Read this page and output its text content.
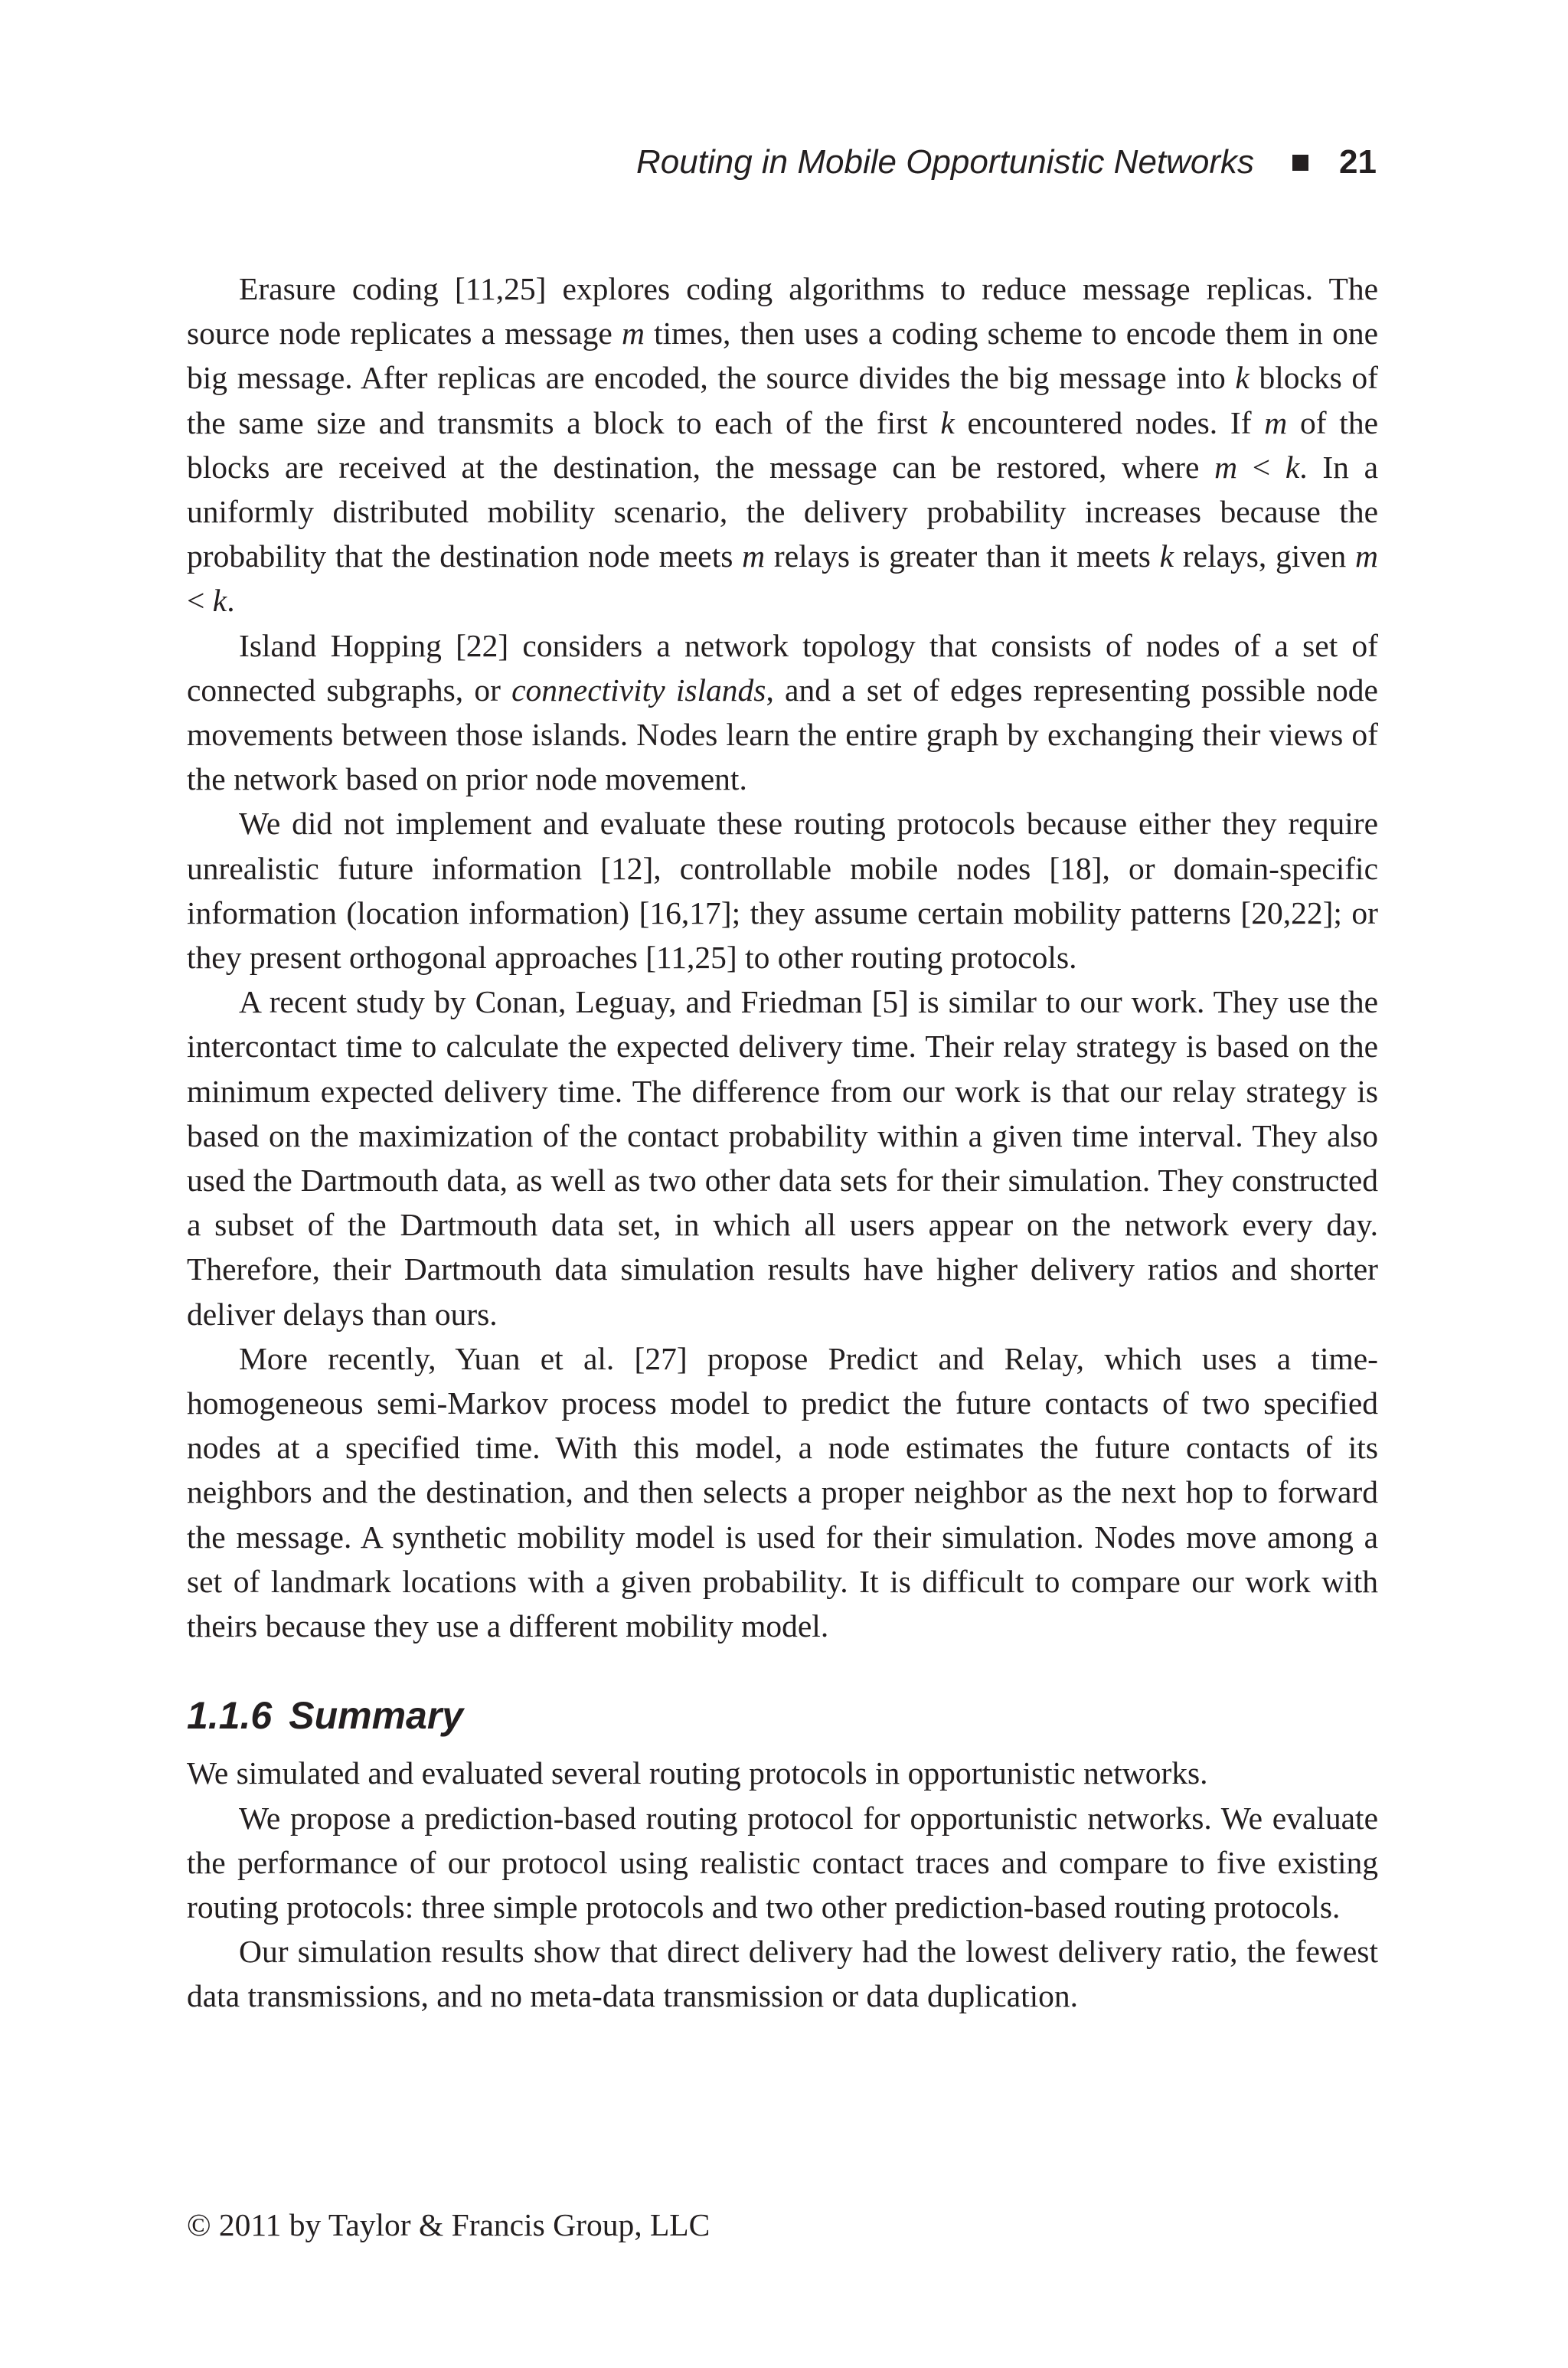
Routing in Mobile Opportunistic Networks	21

Erasure coding [11,25] explores coding algorithms to reduce message replicas. The source node replicates a message m times, then uses a coding scheme to encode them in one big message. After replicas are encoded, the source divides the big message into k blocks of the same size and transmits a block to each of the first k encountered nodes. If m of the blocks are received at the destination, the message can be restored, where m < k. In a uniformly distributed mobility scenario, the delivery probability increases because the probability that the destination node meets m relays is greater than it meets k relays, given m < k.

Island Hopping [22] considers a network topology that consists of nodes of a set of connected subgraphs, or connectivity islands, and a set of edges representing possible node movements between those islands. Nodes learn the entire graph by exchanging their views of the network based on prior node movement.

We did not implement and evaluate these routing protocols because either they require unrealistic future information [12], controllable mobile nodes [18], or domain-specific information (location information) [16,17]; they assume certain mobility patterns [20,22]; or they present orthogonal approaches [11,25] to other routing protocols.

A recent study by Conan, Leguay, and Friedman [5] is similar to our work. They use the intercontact time to calculate the expected delivery time. Their relay strategy is based on the minimum expected delivery time. The difference from our work is that our relay strategy is based on the maximization of the contact probability within a given time interval. They also used the Dartmouth data, as well as two other data sets for their simulation. They constructed a subset of the Dartmouth data set, in which all users appear on the network every day. Therefore, their Dartmouth data simulation results have higher delivery ratios and shorter deliver delays than ours.

More recently, Yuan et al. [27] propose Predict and Relay, which uses a time-homogeneous semi-Markov process model to predict the future contacts of two specified nodes at a specified time. With this model, a node estimates the future contacts of its neighbors and the destination, and then selects a proper neighbor as the next hop to forward the message. A synthetic mobility model is used for their simulation. Nodes move among a set of landmark locations with a given probability. It is difficult to compare our work with theirs because they use a different mobility model.

1.1.6 Summary

We simulated and evaluated several routing protocols in opportunistic networks.

We propose a prediction-based routing protocol for opportunistic networks. We evaluate the performance of our protocol using realistic contact traces and compare to five existing routing protocols: three simple protocols and two other prediction-based routing protocols.

Our simulation results show that direct delivery had the lowest delivery ratio, the fewest data transmissions, and no meta-data transmission or data duplication.

© 2011 by Taylor & Francis Group, LLC
